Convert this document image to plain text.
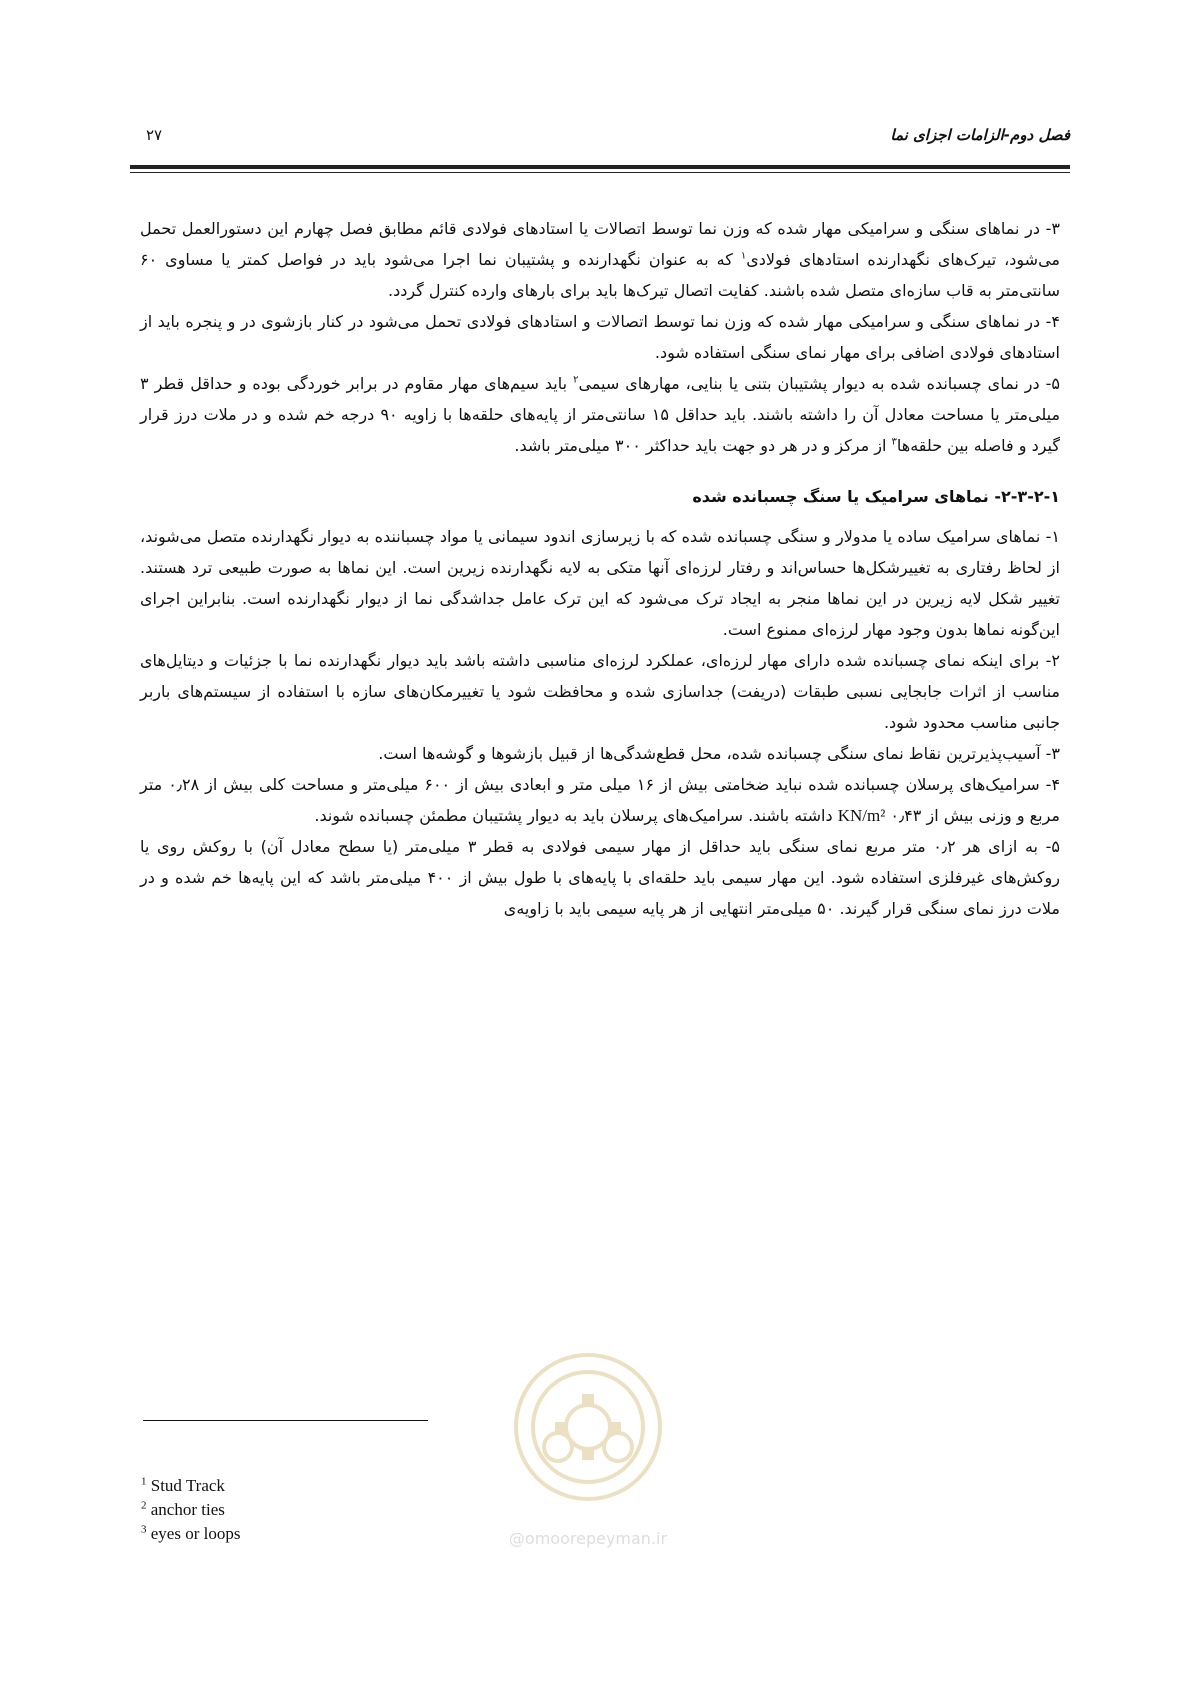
فصل دوم-الزامات اجزای نما
۲۷

۳- در نماهای سنگی و سرامیکی مهار شده که وزن نما توسط اتصالات یا استادهای فولادی قائم مطابق فصل چهارم این دستورالعمل تحمل می‌شود، تیرک‌های نگهدارنده استادهای فولادی$^۱$ که به عنوان نگهدارنده و پشتیبان نما اجرا می‌شود باید در فواصل کمتر یا مساوی ۶۰ سانتی‌متر به قاب سازه‌ای متصل شده باشند. کفایت اتصال تیرک‌ها باید برای بارهای وارده کنترل گردد.

۴- در نماهای سنگی و سرامیکی مهار شده که وزن نما توسط اتصالات و استادهای فولادی تحمل می‌شود در کنار بازشوی در و پنجره باید از استادهای فولادی اضافی برای مهار نمای سنگی استفاده شود.

۵- در نمای چسبانده شده به دیوار پشتیبان بتنی یا بنایی، مهارهای سیمی$^۲$ باید سیم‌های مهار مقاوم در برابر خوردگی بوده و حداقل قطر ۳ میلی‌متر یا مساحت معادل آن را داشته باشند. باید حداقل ۱۵ سانتی‌متر از پایه‌های حلقه‌ها با زاویه ۹۰ درجه خم شده و در ملات درز قرار گیرد و فاصله بین حلقه‌ها$^۳$ از مرکز و در هر دو جهت باید حداکثر ۳۰۰ میلی‌متر باشد.

۲-۳-۲-۱- نماهای سرامیک یا سنگ چسبانده شده

۱- نماهای سرامیک ساده یا مدولار و سنگی چسبانده شده که با زیرسازی اندود سیمانی یا مواد چسباننده به دیوار نگهدارنده متصل می‌شوند، از لحاظ رفتاری به تغییرشکل‌ها حساس‌اند و رفتار لرزه‌ای آنها متکی به لایه نگهدارنده زیرین است. این نماها به صورت طبیعی ترد هستند. تغییر شکل لایه زیرین در این نماها منجر به ایجاد ترک می‌شود که این ترک عامل جداشدگی نما از دیوار نگهدارنده است. بنابراین اجرای این‌گونه نماها بدون وجود مهار لرزه‌ای ممنوع است.

۲- برای اینکه نمای چسبانده شده دارای مهار لرزه‌ای، عملکرد لرزه‌ای مناسبی داشته باشد باید دیوار نگهدارنده نما با جزئیات و دیتایل‌های مناسب از اثرات جابجایی نسبی طبقات (دریفت) جداسازی شده و محافظت شود یا تغییرمکان‌های سازه با استفاده از سیستم‌های باربر جانبی مناسب محدود شود.

۳- آسیب‌پذیرترین نقاط نمای سنگی چسبانده شده، محل قطع‌شدگی‌ها از قبیل بازشوها و گوشه‌ها است.

۴- سرامیک‌های پرسلان چسبانده شده نباید ضخامتی بیش از ۱۶ میلی متر و ابعادی بیش از ۶۰۰ میلی‌متر و مساحت کلی بیش از ۰٫۲۸ متر مربع و وزنی بیش از ۰٫۴۳ KN/m² داشته باشند. سرامیک‌های پرسلان باید به دیوار پشتیبان مطمئن چسبانده شوند.

۵- به ازای هر ۰٫۲ متر مربع نمای سنگی باید حداقل از مهار سیمی فولادی به قطر ۳ میلی‌متر (یا سطح معادل آن) با روکش روی یا روکش‌های غیرفلزی استفاده شود. این مهار سیمی باید حلقه‌ای با پایه‌های با طول بیش از ۴۰۰ میلی‌متر باشد که این پایه‌ها خم شده و در ملات درز نمای سنگی قرار گیرند. ۵۰ میلی‌متر انتهایی از هر پایه سیمی باید با زاویه‌ی

@omoorepeyman.ir
$^1$ Stud Track
$^2$ anchor ties
$^3$ eyes or loops
